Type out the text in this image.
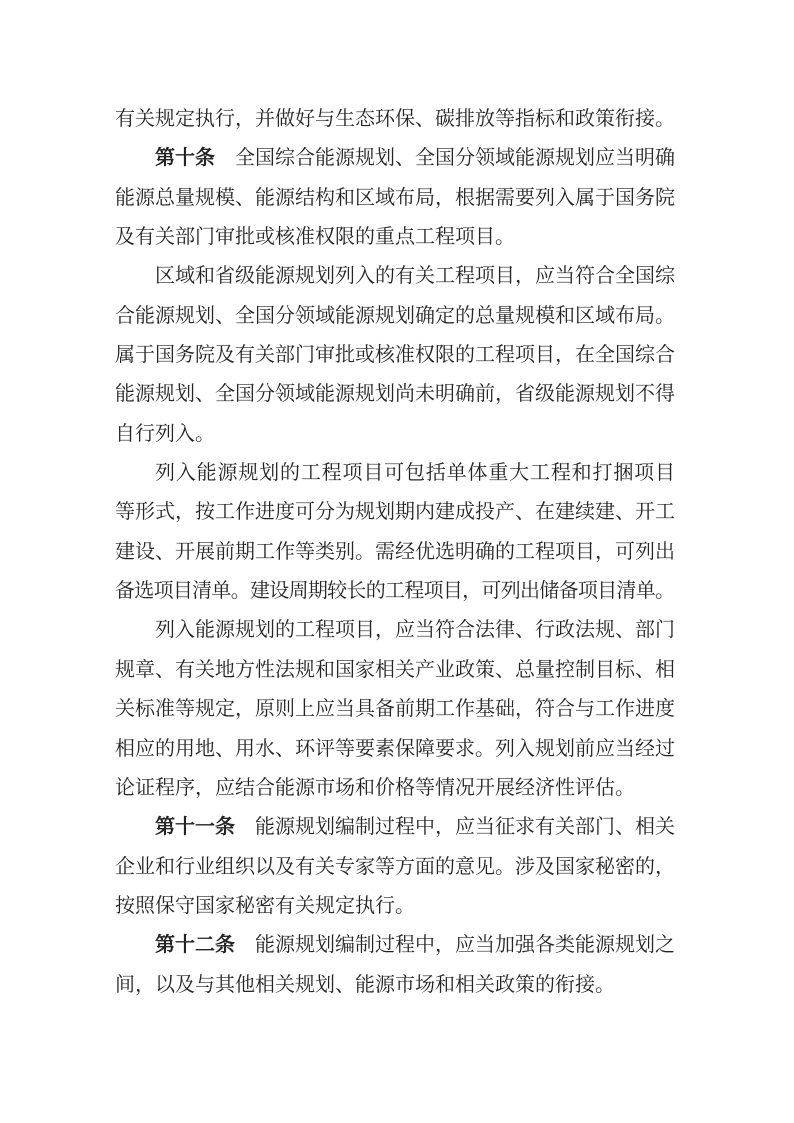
有关规定执行，并做好与生态环保、碳排放等指标和政策衔接。
第十条　全国综合能源规划、全国分领域能源规划应当明确
能源总量规模、能源结构和区域布局，根据需要列入属于国务院
及有关部门审批或核准权限的重点工程项目。
区域和省级能源规划列入的有关工程项目，应当符合全国综
合能源规划、全国分领域能源规划确定的总量规模和区域布局。
属于国务院及有关部门审批或核准权限的工程项目，在全国综合
能源规划、全国分领域能源规划尚未明确前，省级能源规划不得
自行列入。
列入能源规划的工程项目可包括单体重大工程和打捆项目
等形式，按工作进度可分为规划期内建成投产、在建续建、开工
建设、开展前期工作等类别。需经优选明确的工程项目，可列出
备选项目清单。建设周期较长的工程项目，可列出储备项目清单。
列入能源规划的工程项目，应当符合法律、行政法规、部门
规章、有关地方性法规和国家相关产业政策、总量控制目标、相
关标准等规定，原则上应当具备前期工作基础，符合与工作进度
相应的用地、用水、环评等要素保障要求。列入规划前应当经过
论证程序，应结合能源市场和价格等情况开展经济性评估。
第十一条　能源规划编制过程中，应当征求有关部门、相关
企业和行业组织以及有关专家等方面的意见。涉及国家秘密的，
按照保守国家秘密有关规定执行。
第十二条　能源规划编制过程中，应当加强各类能源规划之
间，以及与其他相关规划、能源市场和相关政策的衔接。
